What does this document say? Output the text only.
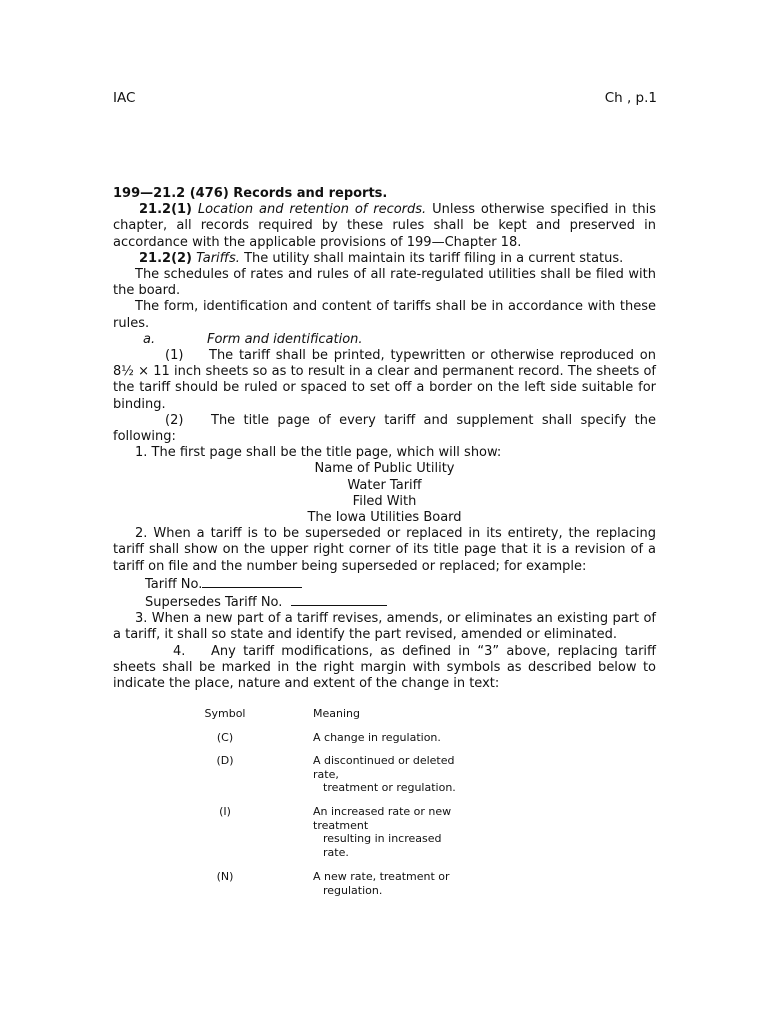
IAC	Ch , p.1

199—21.2 (476) Records and reports.

21.2(1) Location and retention of records. Unless otherwise specified in this chapter, all records required by these rules shall be kept and preserved in accordance with the applicable provisions of 199—Chapter 18.

21.2(2) Tariffs. The utility shall maintain its tariff filing in a current status.

The schedules of rates and rules of all rate-regulated utilities shall be filed with the board.

The form, identification and content of tariffs shall be in accordance with these rules.

a.	Form and identification.

(1) The tariff shall be printed, typewritten or otherwise reproduced on 8½ × 11 inch sheets so as to result in a clear and permanent record. The sheets of the tariff should be ruled or spaced to set off a border on the left side suitable for binding.

(2) The title page of every tariff and supplement shall specify the following:

1. The first page shall be the title page, which will show:

Name of Public Utility

Water Tariff

Filed With

The Iowa Utilities Board

2. When a tariff is to be superseded or replaced in its entirety, the replacing tariff shall show on the upper right corner of its title page that it is a revision of a tariff on file and the number being superseded or replaced; for example:

Tariff No.

Supersedes Tariff No.

3. When a new part of a tariff revises, amends, or eliminates an existing part of a tariff, it shall so state and identify the part revised, amended or eliminated.

4. Any tariff modifications, as defined in “3” above, replacing tariff sheets shall be marked in the right margin with symbols as described below to indicate the place, nature and extent of the change in text:

Symbol	Meaning
(C)	A change in regulation.
(D)	A discontinued or deleted rate,
treatment or regulation.
(I)	An increased rate or new treatment
resulting in increased rate.
(N)	A new rate, treatment or
regulation.
